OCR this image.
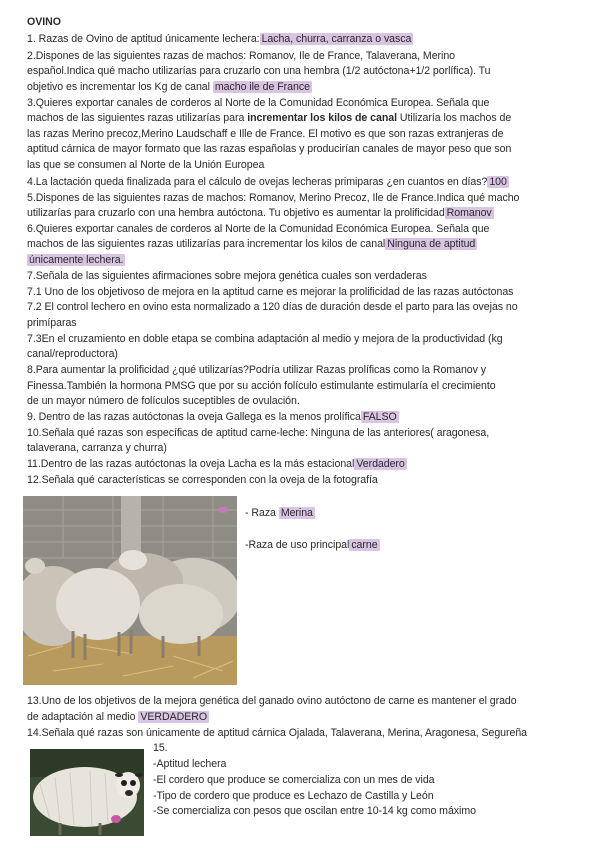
OVINO
1. Razas de Ovino de aptitud únicamente lechera: Lacha, churra, carranza o vasca
2.Dispones de las siguientes razas de machos: Romanov, Ile de France, Talaverana, Merino
español.Indica qué macho utilizarías para cruzarlo con una hembra (1/2 autóctona+1/2 porlífica). Tu
objetivo es incrementar los Kg de canal macho ile de France
3.Quieres exportar canales de corderos al Norte de la Comunidad Económica Europea. Señala que
machos de las siguientes razas utilizarías para incrementar los kilos de canal Utilizaría los machos de
las razas Merino precoz,Merino Laudschaff e Ille de France. El motivo es que son razas extranjeras de
aptitud cárnica de mayor formato que las razas españolas y producirían canales de mayor peso que son
las que se consumen al Norte de la Unión Europea
4.La lactación queda finalizada para el cálculo de ovejas lecheras primiparas ¿en cuantos en días? 100
5.Dispones de las siguientes razas de machos: Romanov, Merino Precoz, Ile de France.Indica qué macho
utilizarías para cruzarlo con una hembra autóctona. Tu objetivo es aumentar la prolificidad Romanov
6.Quieres exportar canales de corderos al Norte de la Comunidad Económica Europea. Señala que
machos de las siguientes razas utilizarías para incrementar los kilos de canal Ninguna de aptitud
únicamente lechera.
7.Señala de las siguientes afirmaciones sobre mejora genética cuales son verdaderas
7.1 Uno de los objetivoso de mejora en la aptitud carne es mejorar la prolificidad de las razas autóctonas
7.2 El control lechero en ovino esta normalizado a 120 días de duración desde el parto para las ovejas no
primíparas
7.3En el cruzamiento en doble etapa se combina adaptación al medio y mejora de la productividad (kg
canal/reproductora)
8.Para aumentar la prolificidad ¿qué utilizarías?Podría utilizar Razas prolíficas como la Romanov y
Finessa.También la hormona PMSG que por su acción folículo estimulante estimularía el crecimiento
de un mayor número de folículos suceptibles de ovulación.
9. Dentro de las razas autóctonas la oveja Gallega es la menos prolífica FALSO
10.Señala qué razas son específicas de aptitud carne-leche: Ninguna de las anteriores( aragonesa,
talaverana, carranza y churra)
11.Dentro de las razas autóctonas la oveja Lacha es la más estacional Verdadero
12.Señala qué características se corresponden con la oveja de la fotografía
- Raza Merina
-Raza de uso principal carne
13.Uno de los objetivos de la mejora genética del ganado ovino autóctono de carne es mantener el grado
de adaptación al medio VERDADERO
14.Señala qué razas son únicamente de aptitud cárnica Ojalada, Talaverana, Merina, Aragonesa, Segureña
15.
-Aptitud lechera
-El cordero que produce se comercializa con un mes de vida
-Tipo de cordero que produce es Lechazo de Castilla y León
-Se comercializa con pesos que oscilan entre 10-14 kg como máximo
